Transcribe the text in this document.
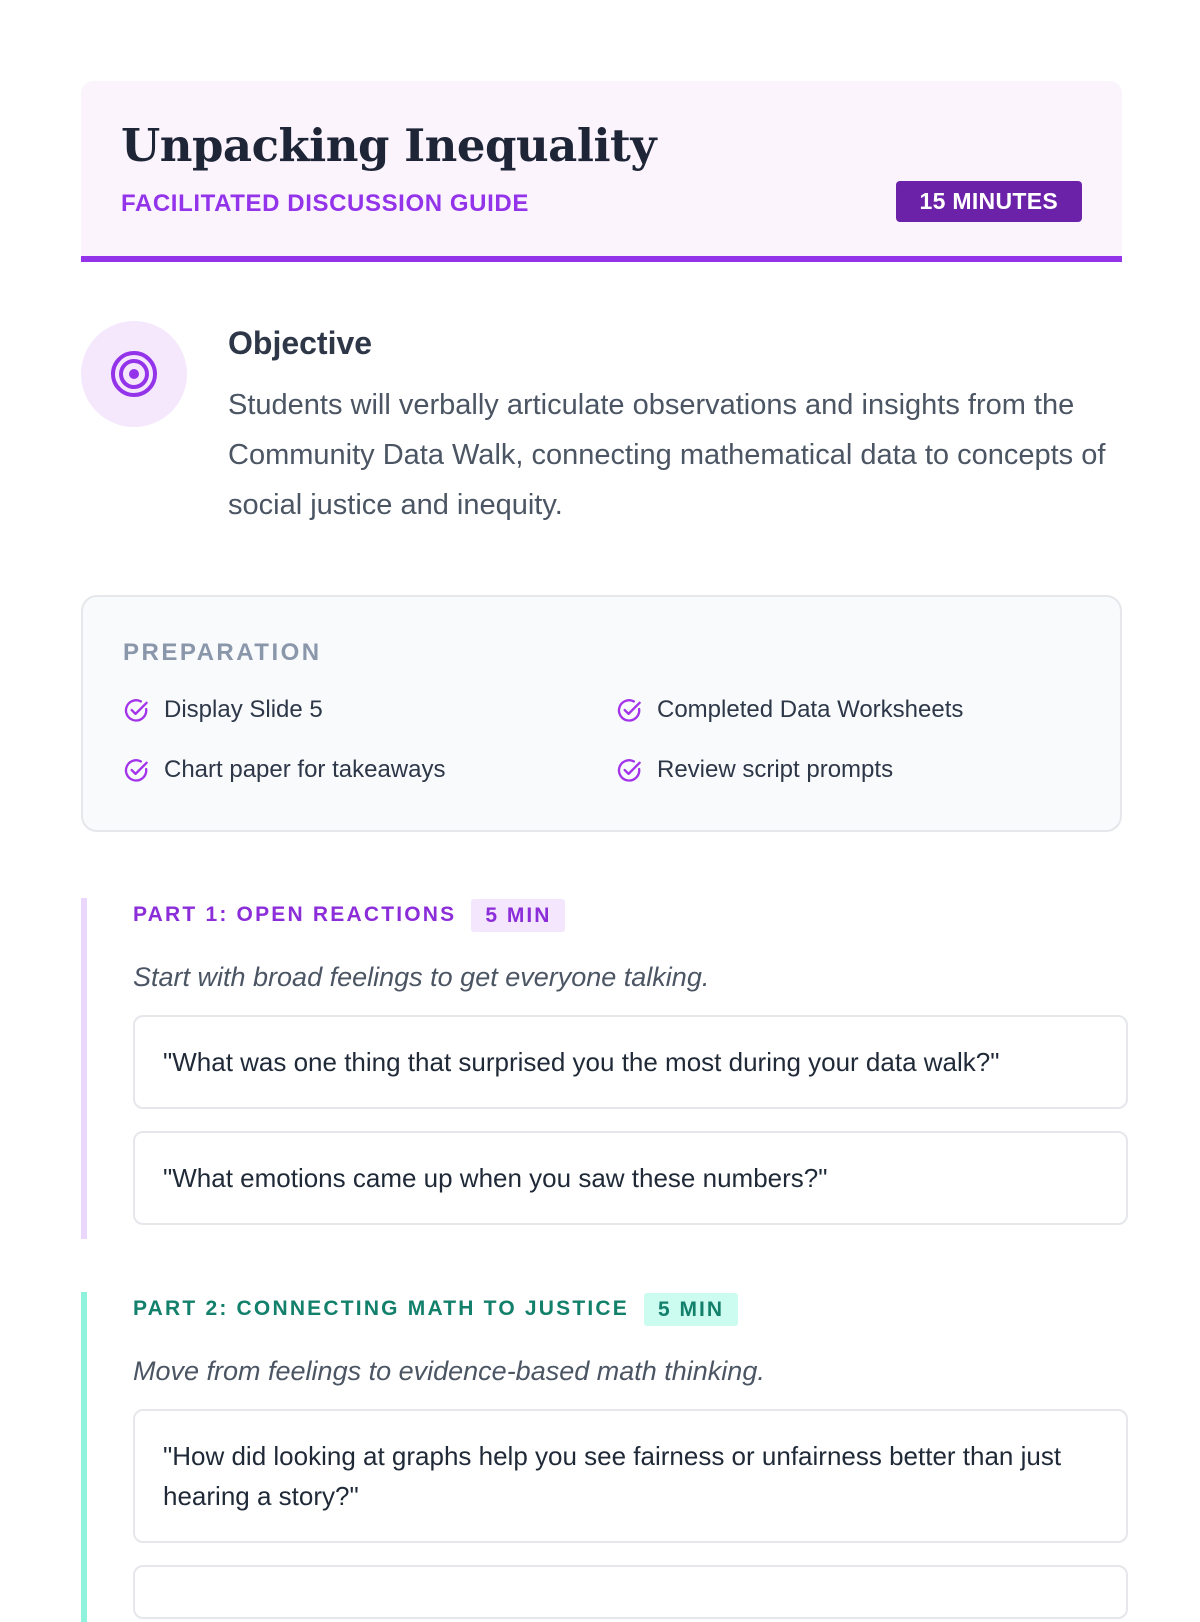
Unpacking Inequality
FACILITATED DISCUSSION GUIDE	15 MINUTES
Objective

Students will verbally articulate observations and insights from the Community Data Walk, connecting mathematical data to concepts of social justice and inequity.

PREPARATION
Display Slide 5	Completed Data Worksheets
Chart paper for takeaways	Review script prompts
PART 1: OPEN REACTIONS	5 MIN
Start with broad feelings to get everyone talking.
"What was one thing that surprised you the most during your data walk?"
"What emotions came up when you saw these numbers?"
PART 2: CONNECTING MATH TO JUSTICE	5 MIN
Move from feelings to evidence-based math thinking.
"How did looking at graphs help you see fairness or unfairness better than just hearing a story?"
